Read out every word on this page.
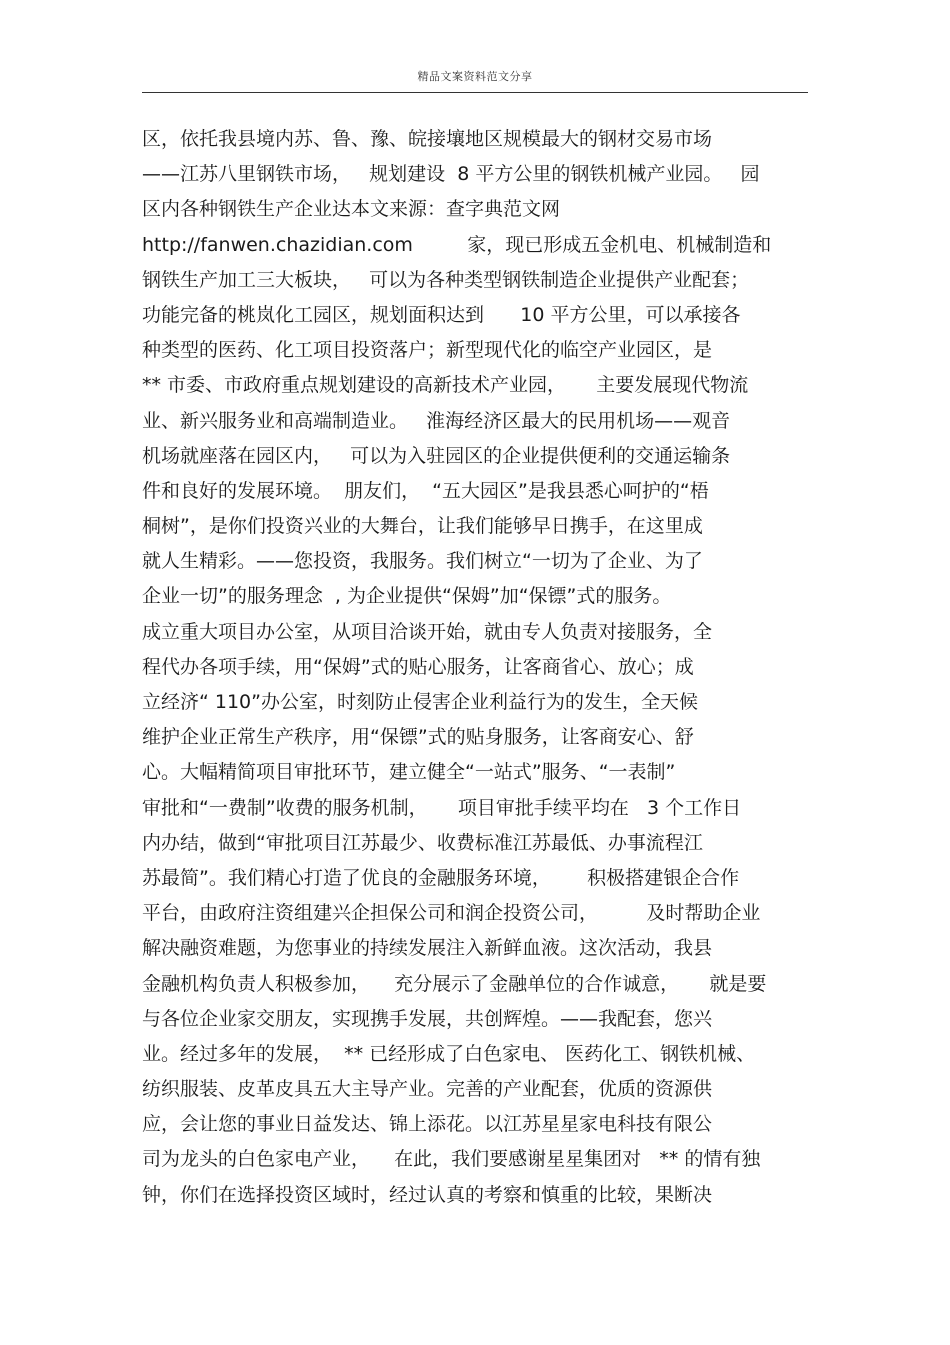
精品文案资料范文分享
区，依托我县境内苏、鲁、豫、皖接壤地区规模最大的钢材交易市场
——江苏八里钢铁市场，   规划建设  8 平方公里的钢铁机械产业园。   园
区内各种钢铁生产企业达本文来源：查字典范文网
http://fanwen.chazidian.com         家，现已形成五金机电、机械制造和
钢铁生产加工三大板块，   可以为各种类型钢铁制造企业提供产业配套；
功能完备的桃岚化工园区，规划面积达到      10 平方公里，可以承接各
种类型的医药、化工项目投资落户；新型现代化的临空产业园区，是
** 市委、市政府重点规划建设的高新技术产业园，     主要发展现代物流
业、新兴服务业和高端制造业。   淮海经济区最大的民用机场——观音
机场就座落在园区内，   可以为入驻园区的企业提供便利的交通运输条
件和良好的发展环境。  朋友们，  “五大园区”是我县悉心呵护的“梧
桐树”，是你们投资兴业的大舞台，让我们能够早日携手，在这里成
就人生精彩。——您投资，我服务。我们树立“一切为了企业、为了
企业一切”的服务理念  , 为企业提供“保姆”加“保镖”式的服务。
成立重大项目办公室，从项目洽谈开始，就由专人负责对接服务，全
程代办各项手续，用“保姆”式的贴心服务，让客商省心、放心；成
立经济“ 110”办公室，时刻防止侵害企业利益行为的发生，全天候
维护企业正常生产秩序，用“保镖”式的贴身服务，让客商安心、舒
心。大幅精简项目审批环节，建立健全“一站式”服务、“一表制”
审批和“一费制”收费的服务机制，     项目审批手续平均在   3 个工作日
内办结，做到“审批项目江苏最少、收费标准江苏最低、办事流程江
苏最简”。我们精心打造了优良的金融服务环境，      积极搭建银企合作
平台，由政府注资组建兴企担保公司和润企投资公司，        及时帮助企业
解决融资难题，为您事业的持续发展注入新鲜血液。这次活动，我县
金融机构负责人积极参加，    充分展示了金融单位的合作诚意，     就是要
与各位企业家交朋友，实现携手发展，共创辉煌。——我配套，您兴
业。经过多年的发展，  ** 已经形成了白色家电、 医药化工、钢铁机械、
纺织服装、皮革皮具五大主导产业。完善的产业配套，优质的资源供
应，会让您的事业日益发达、锦上添花。以江苏星星家电科技有限公
司为龙头的白色家电产业，    在此，我们要感谢星星集团对   ** 的情有独
钟，你们在选择投资区域时，经过认真的考察和慎重的比较，果断决
